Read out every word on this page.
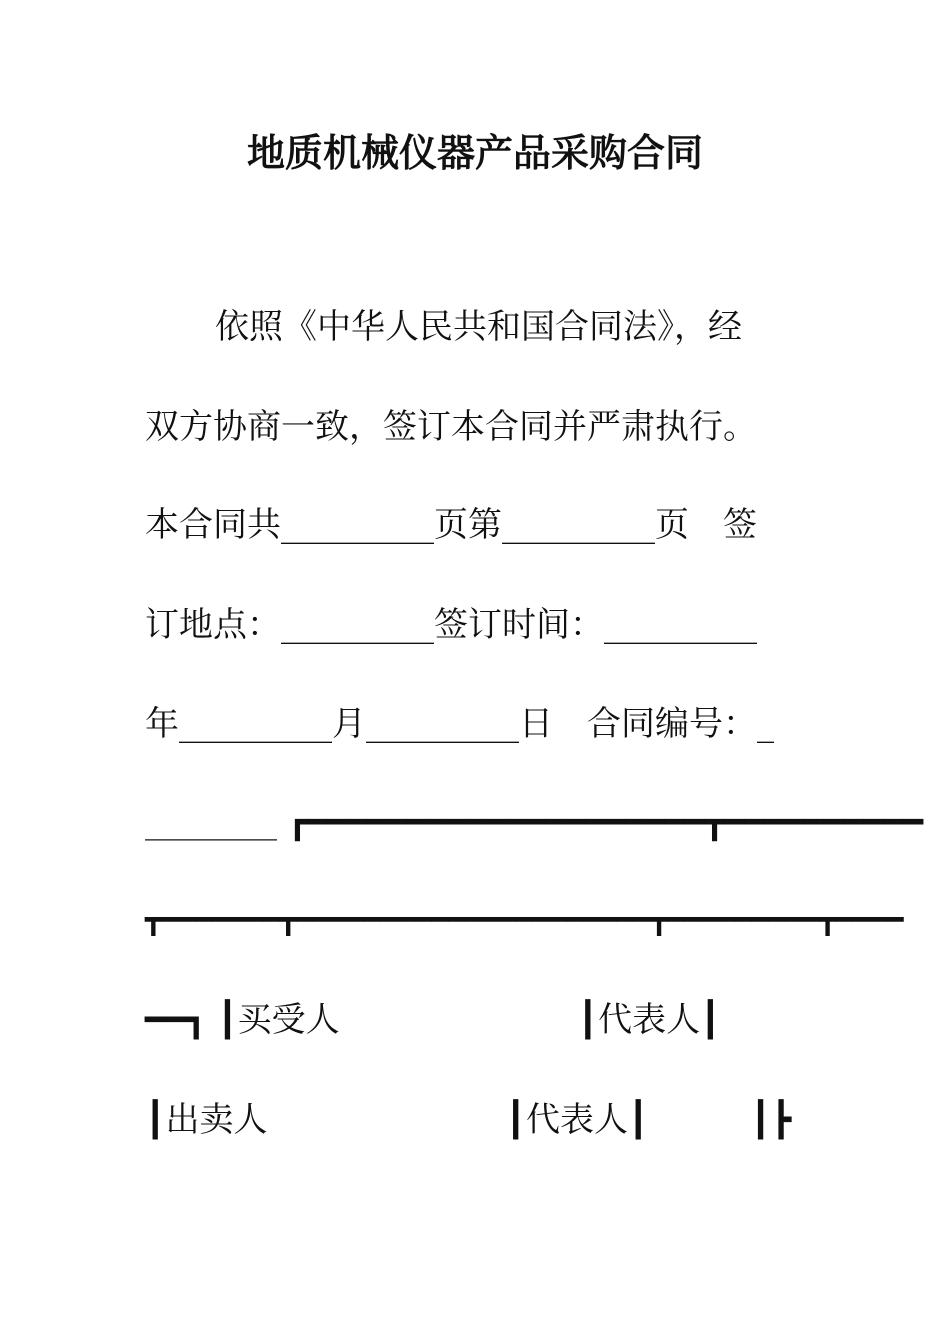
地质机械仪器产品采购合同
依照《中华人民共和国合同法》，经
双方协商一致，签订本合同并严肃执行。
本合同共_________页第_________页　签
订地点：_________签订时间：_________
年_________月_________日　合同编号：_
________ ┏━━━━━━━━━━━━━━━━━━━━┳━━━━━━━━━━
┳━━━━━━━┳━━━━━━━━━━━━━━━━━━━━━┳━━━━━━━━━┳━━━━
━━┓ ┃买受人　　　　　　　┃代表人┃
┃出卖人　　　　　　　┃代表人┃　　　┃┣
